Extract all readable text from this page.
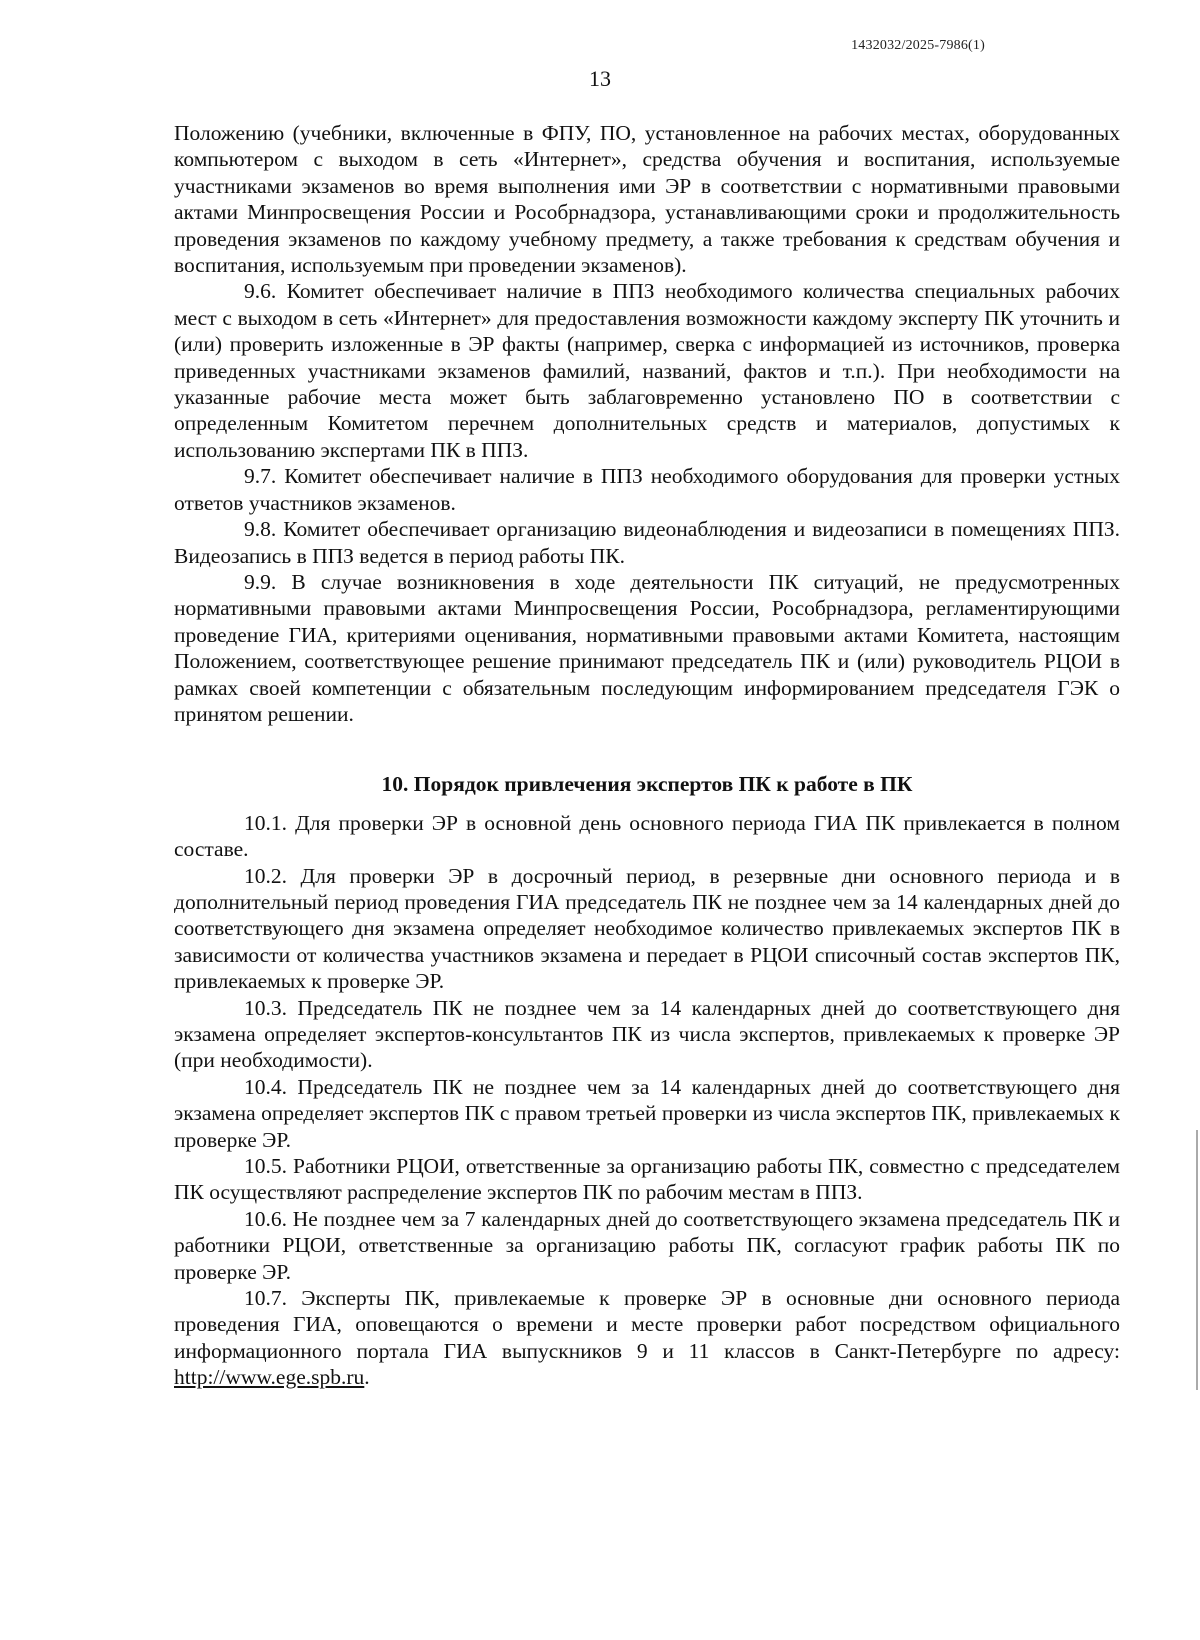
1432032/2025-7986(1)
13

Положению (учебники, включенные в ФПУ, ПО, установленное на рабочих местах, оборудованных компьютером с выходом в сеть «Интернет», средства обучения и воспитания, используемые участниками экзаменов во время выполнения ими ЭР в соответствии с нормативными правовыми актами Минпросвещения России и Рособрнадзора, устанавливающими сроки и продолжительность проведения экзаменов по каждому учебному предмету, а также требования к средствам обучения и воспитания, используемым при проведении экзаменов).

9.6. Комитет обеспечивает наличие в ППЗ необходимого количества специальных рабочих мест с выходом в сеть «Интернет» для предоставления возможности каждому эксперту ПК уточнить и (или) проверить изложенные в ЭР факты (например, сверка с информацией из источников, проверка приведенных участниками экзаменов фамилий, названий, фактов и т.п.). При необходимости на указанные рабочие места может быть заблаговременно установлено ПО в соответствии с определенным Комитетом перечнем дополнительных средств и материалов, допустимых к использованию экспертами ПК в ППЗ.

9.7. Комитет обеспечивает наличие в ППЗ необходимого оборудования для проверки устных ответов участников экзаменов.

9.8. Комитет обеспечивает организацию видеонаблюдения и видеозаписи в помещениях ППЗ. Видеозапись в ППЗ ведется в период работы ПК.

9.9. В случае возникновения в ходе деятельности ПК ситуаций, не предусмотренных нормативными правовыми актами Минпросвещения России, Рособрнадзора, регламентирующими проведение ГИА, критериями оценивания, нормативными правовыми актами Комитета, настоящим Положением, соответствующее решение принимают председатель ПК и (или) руководитель РЦОИ в рамках своей компетенции с обязательным последующим информированием председателя ГЭК о принятом решении.

10. Порядок привлечения экспертов ПК к работе в ПК

10.1. Для проверки ЭР в основной день основного периода ГИА ПК привлекается в полном составе.

10.2. Для проверки ЭР в досрочный период, в резервные дни основного периода и в дополнительный период проведения ГИА председатель ПК не позднее чем за 14 календарных дней до соответствующего дня экзамена определяет необходимое количество привлекаемых экспертов ПК в зависимости от количества участников экзамена и передает в РЦОИ списочный состав экспертов ПК, привлекаемых к проверке ЭР.

10.3. Председатель ПК не позднее чем за 14 календарных дней до соответствующего дня экзамена определяет экспертов-консультантов ПК из числа экспертов, привлекаемых к проверке ЭР (при необходимости).

10.4. Председатель ПК не позднее чем за 14 календарных дней до соответствующего дня экзамена определяет экспертов ПК с правом третьей проверки из числа экспертов ПК, привлекаемых к проверке ЭР.

10.5. Работники РЦОИ, ответственные за организацию работы ПК, совместно с председателем ПК осуществляют распределение экспертов ПК по рабочим местам в ППЗ.

10.6. Не позднее чем за 7 календарных дней до соответствующего экзамена председатель ПК и работники РЦОИ, ответственные за организацию работы ПК, согласуют график работы ПК по проверке ЭР.

10.7. Эксперты ПК, привлекаемые к проверке ЭР в основные дни основного периода проведения ГИА, оповещаются о времени и месте проверки работ посредством официального информационного портала ГИА выпускников 9 и 11 классов в Санкт-Петербурге по адресу: http://www.ege.spb.ru.
